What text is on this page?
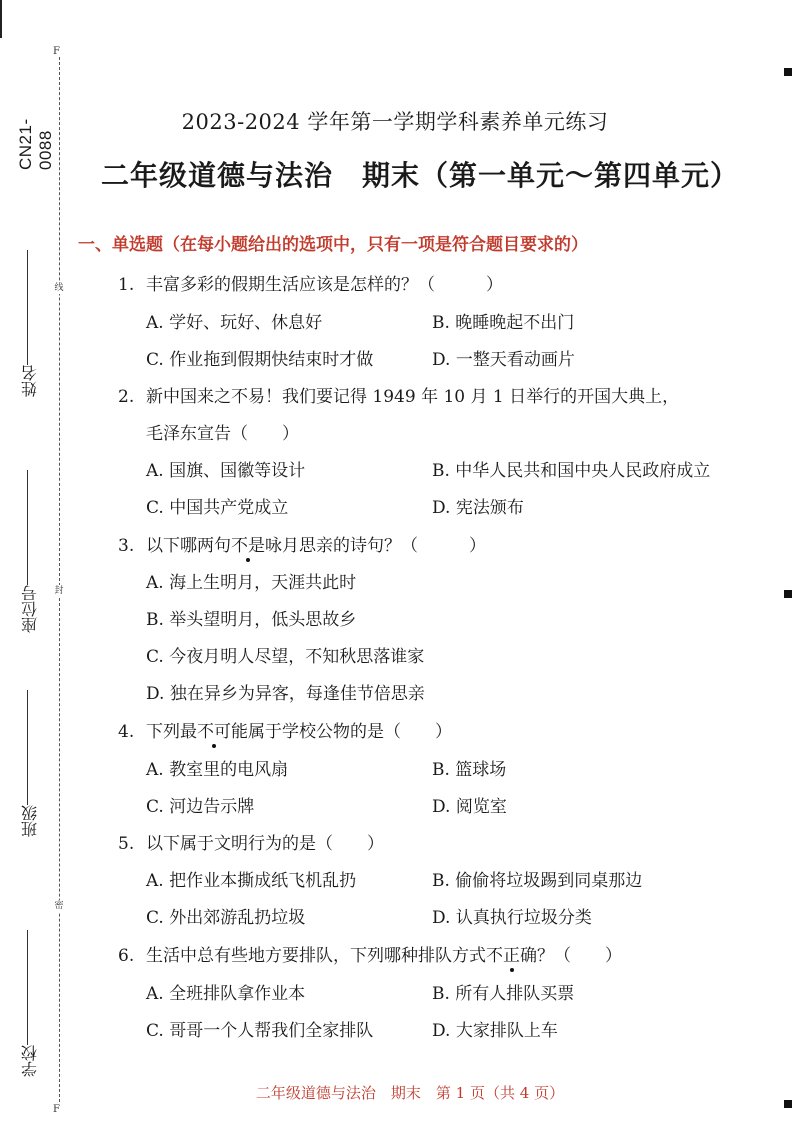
F
F
CN21-0088
姓名
座位号
班级
学校
线
封
密
2023-2024 学年第一学期学科素养单元练习
二年级道德与法治　期末（第一单元～第四单元）
一、单选题（在每小题给出的选项中，只有一项是符合题目要求的）
1. 丰富多彩的假期生活应该是怎样的？（　　　）
A. 学好、玩好、休息好	B. 晚睡晚起不出门
C. 作业拖到假期快结束时才做	D. 一整天看动画片
2. 新中国来之不易！我们要记得 1949 年 10 月 1 日举行的开国大典上，
毛泽东宣告（　　）
A. 国旗、国徽等设计	B. 中华人民共和国中央人民政府成立
C. 中国共产党成立	D. 宪法颁布
3. 以下哪两句不是咏月思亲的诗句？（　　　）
A. 海上生明月，天涯共此时
B. 举头望明月，低头思故乡
C. 今夜月明人尽望，不知秋思落谁家
D. 独在异乡为异客，每逢佳节倍思亲
4. 下列最不可能属于学校公物的是（　　）
A. 教室里的电风扇	B. 篮球场
C. 河边告示牌	D. 阅览室
5. 以下属于文明行为的是（　　）
A. 把作业本撕成纸飞机乱扔	B. 偷偷将垃圾踢到同桌那边
C. 外出郊游乱扔垃圾	D. 认真执行垃圾分类
6. 生活中总有些地方要排队，下列哪种排队方式不正确？（　　）
A. 全班排队拿作业本	B. 所有人排队买票
C. 哥哥一个人帮我们全家排队	D. 大家排队上车
二年级道德与法治　期末　第 1 页（共 4 页）
